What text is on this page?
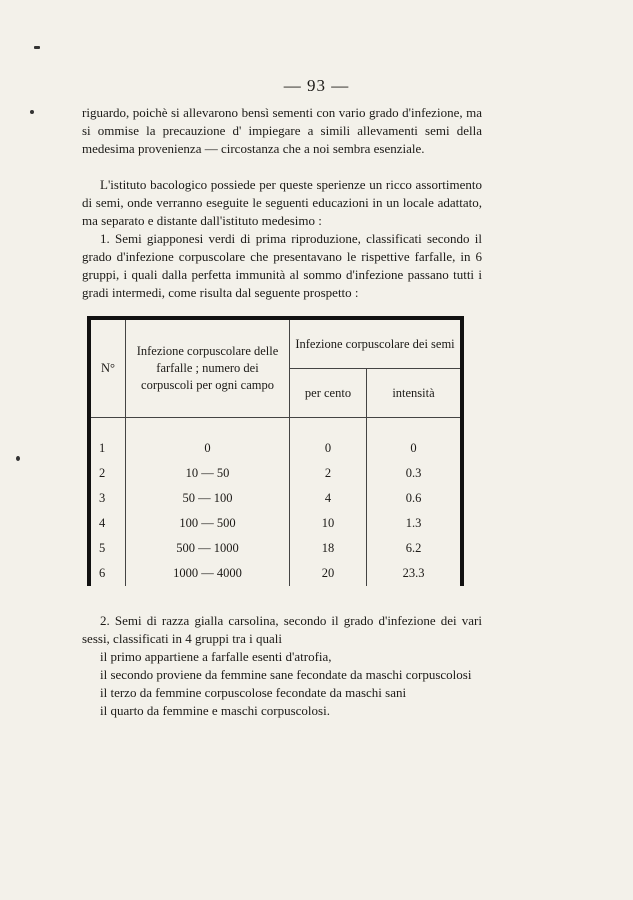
— 93 —

riguardo, poichè si allevarono bensì sementi con vario grado d'infezione, ma si ommise la precauzione d' impiegare a simili allevamenti semi della medesima provenienza — circostanza che a noi sembra esenziale.

L'istituto bacologico possiede per queste sperienze un ricco assortimento di semi, onde verranno eseguite le seguenti educazioni in un locale adattato, ma separato e distante dall'istituto medesimo :

1. Semi giapponesi verdi di prima riproduzione, classificati secondo il grado d'infezione corpuscolare che presentavano le rispettive farfalle, in 6 gruppi, i quali dalla perfetta immunità al sommo d'infezione passano tutti i gradi intermedi, come risulta dal seguente prospetto :

N°	Infezione corpuscolare delle farfalle ; numero dei corpuscoli per ogni campo	Infezione corpuscolare dei semi	
		per cento	intensità

1	0	0	0
2	10 — 50	2	0.3
3	50 — 100	4	0.6
4	100 — 500	10	1.3
5	500 — 1000	18	6.2
6	1000 — 4000	20	23.3

2. Semi di razza gialla carsolina, secondo il grado d'infezione dei vari sessi, classificati in 4 gruppi tra i quali

il primo appartiene a farfalle esenti d'atrofia,

il secondo proviene da femmine sane fecondate da maschi corpuscolosi

il terzo da femmine corpuscolose fecondate da maschi sani

il quarto da femmine e maschi corpuscolosi.
